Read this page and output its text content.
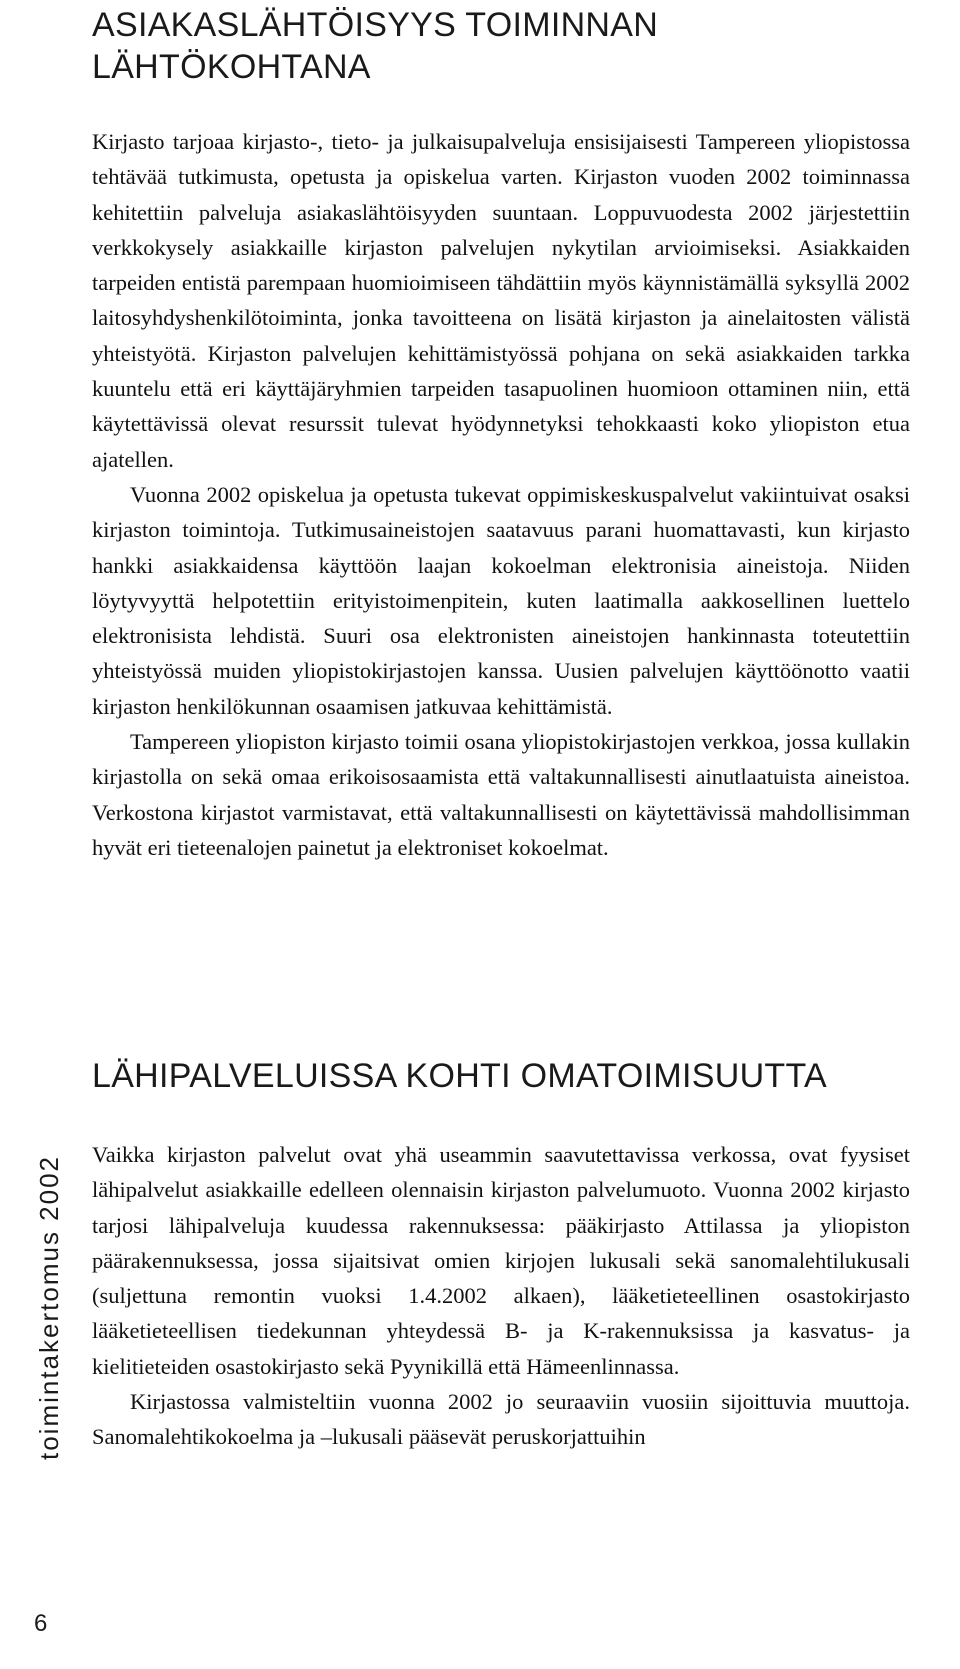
ASIAKASLÄHTÖISYYS TOIMINNAN
LÄHTÖKOHTANA

Kirjasto tarjoaa kirjasto-, tieto- ja julkaisupalveluja ensisijaisesti Tampereen yliopistossa tehtävää tutkimusta, opetusta ja opiskelua varten. Kirjaston vuoden 2002 toiminnassa kehitettiin palveluja asiakaslähtöisyyden suuntaan. Loppuvuodesta 2002 järjestettiin verkkokysely asiakkaille kirjaston palvelujen nykytilan arvioimiseksi. Asiakkaiden tarpeiden entistä parempaan huomioimiseen tähdättiin myös käynnistämällä syksyllä 2002 laitosyhdyshenkilötoiminta, jonka tavoitteena on lisätä kirjaston ja ainelaitosten välistä yhteistyötä. Kirjaston palvelujen kehittämistyössä pohjana on sekä asiakkaiden tarkka kuuntelu että eri käyttäjäryhmien tarpeiden tasapuolinen huomioon ottaminen niin, että käytettävissä olevat resurssit tulevat hyödynnetyksi tehokkaasti koko yliopiston etua ajatellen.

Vuonna 2002 opiskelua ja opetusta tukevat oppimiskeskuspalvelut vakiintuivat osaksi kirjaston toimintoja. Tutkimusaineistojen saatavuus parani huomattavasti, kun kirjasto hankki asiakkaidensa käyttöön laajan kokoelman elektronisia aineistoja. Niiden löytyvyyttä helpotettiin erityistoimenpitein, kuten laatimalla aakkosellinen luettelo elektronisista lehdistä. Suuri osa elektronisten aineistojen hankinnasta toteutettiin yhteistyössä muiden yliopistokirjastojen kanssa. Uusien palvelujen käyttöönotto vaatii kirjaston henkilökunnan osaamisen jatkuvaa kehittämistä.

Tampereen yliopiston kirjasto toimii osana yliopistokirjastojen verkkoa, jossa kullakin kirjastolla on sekä omaa erikoisosaamista että valtakunnallisesti ainutlaatuista aineistoa. Verkostona kirjastot varmistavat, että valtakunnallisesti on käytettävissä mahdollisimman hyvät eri tieteenalojen painetut ja elektroniset kokoelmat.

LÄHIPALVELUISSA KOHTI OMATOIMISUUTTA

Vaikka kirjaston palvelut ovat yhä useammin saavutettavissa verkossa, ovat fyysiset lähipalvelut asiakkaille edelleen olennaisin kirjaston palvelumuoto. Vuonna 2002 kirjasto tarjosi lähipalveluja kuudessa rakennuksessa: pääkirjasto Attilassa ja yliopiston päärakennuksessa, jossa sijaitsivat omien kirjojen lukusali sekä sanomalehtilukusali (suljettuna remontin vuoksi 1.4.2002 alkaen), lääketieteellinen osastokirjasto lääketieteellisen tiedekunnan yhteydessä B- ja K-rakennuksissa ja kasvatus- ja kielitieteiden osastokirjasto sekä Pyynikillä että Hämeenlinnassa.

Kirjastossa valmisteltiin vuonna 2002 jo seuraaviin vuosiin sijoittuvia muuttoja. Sanomalehtikokoelma ja –lukusali pääsevät peruskorjattuihin

toimintakertomus 2002
6
